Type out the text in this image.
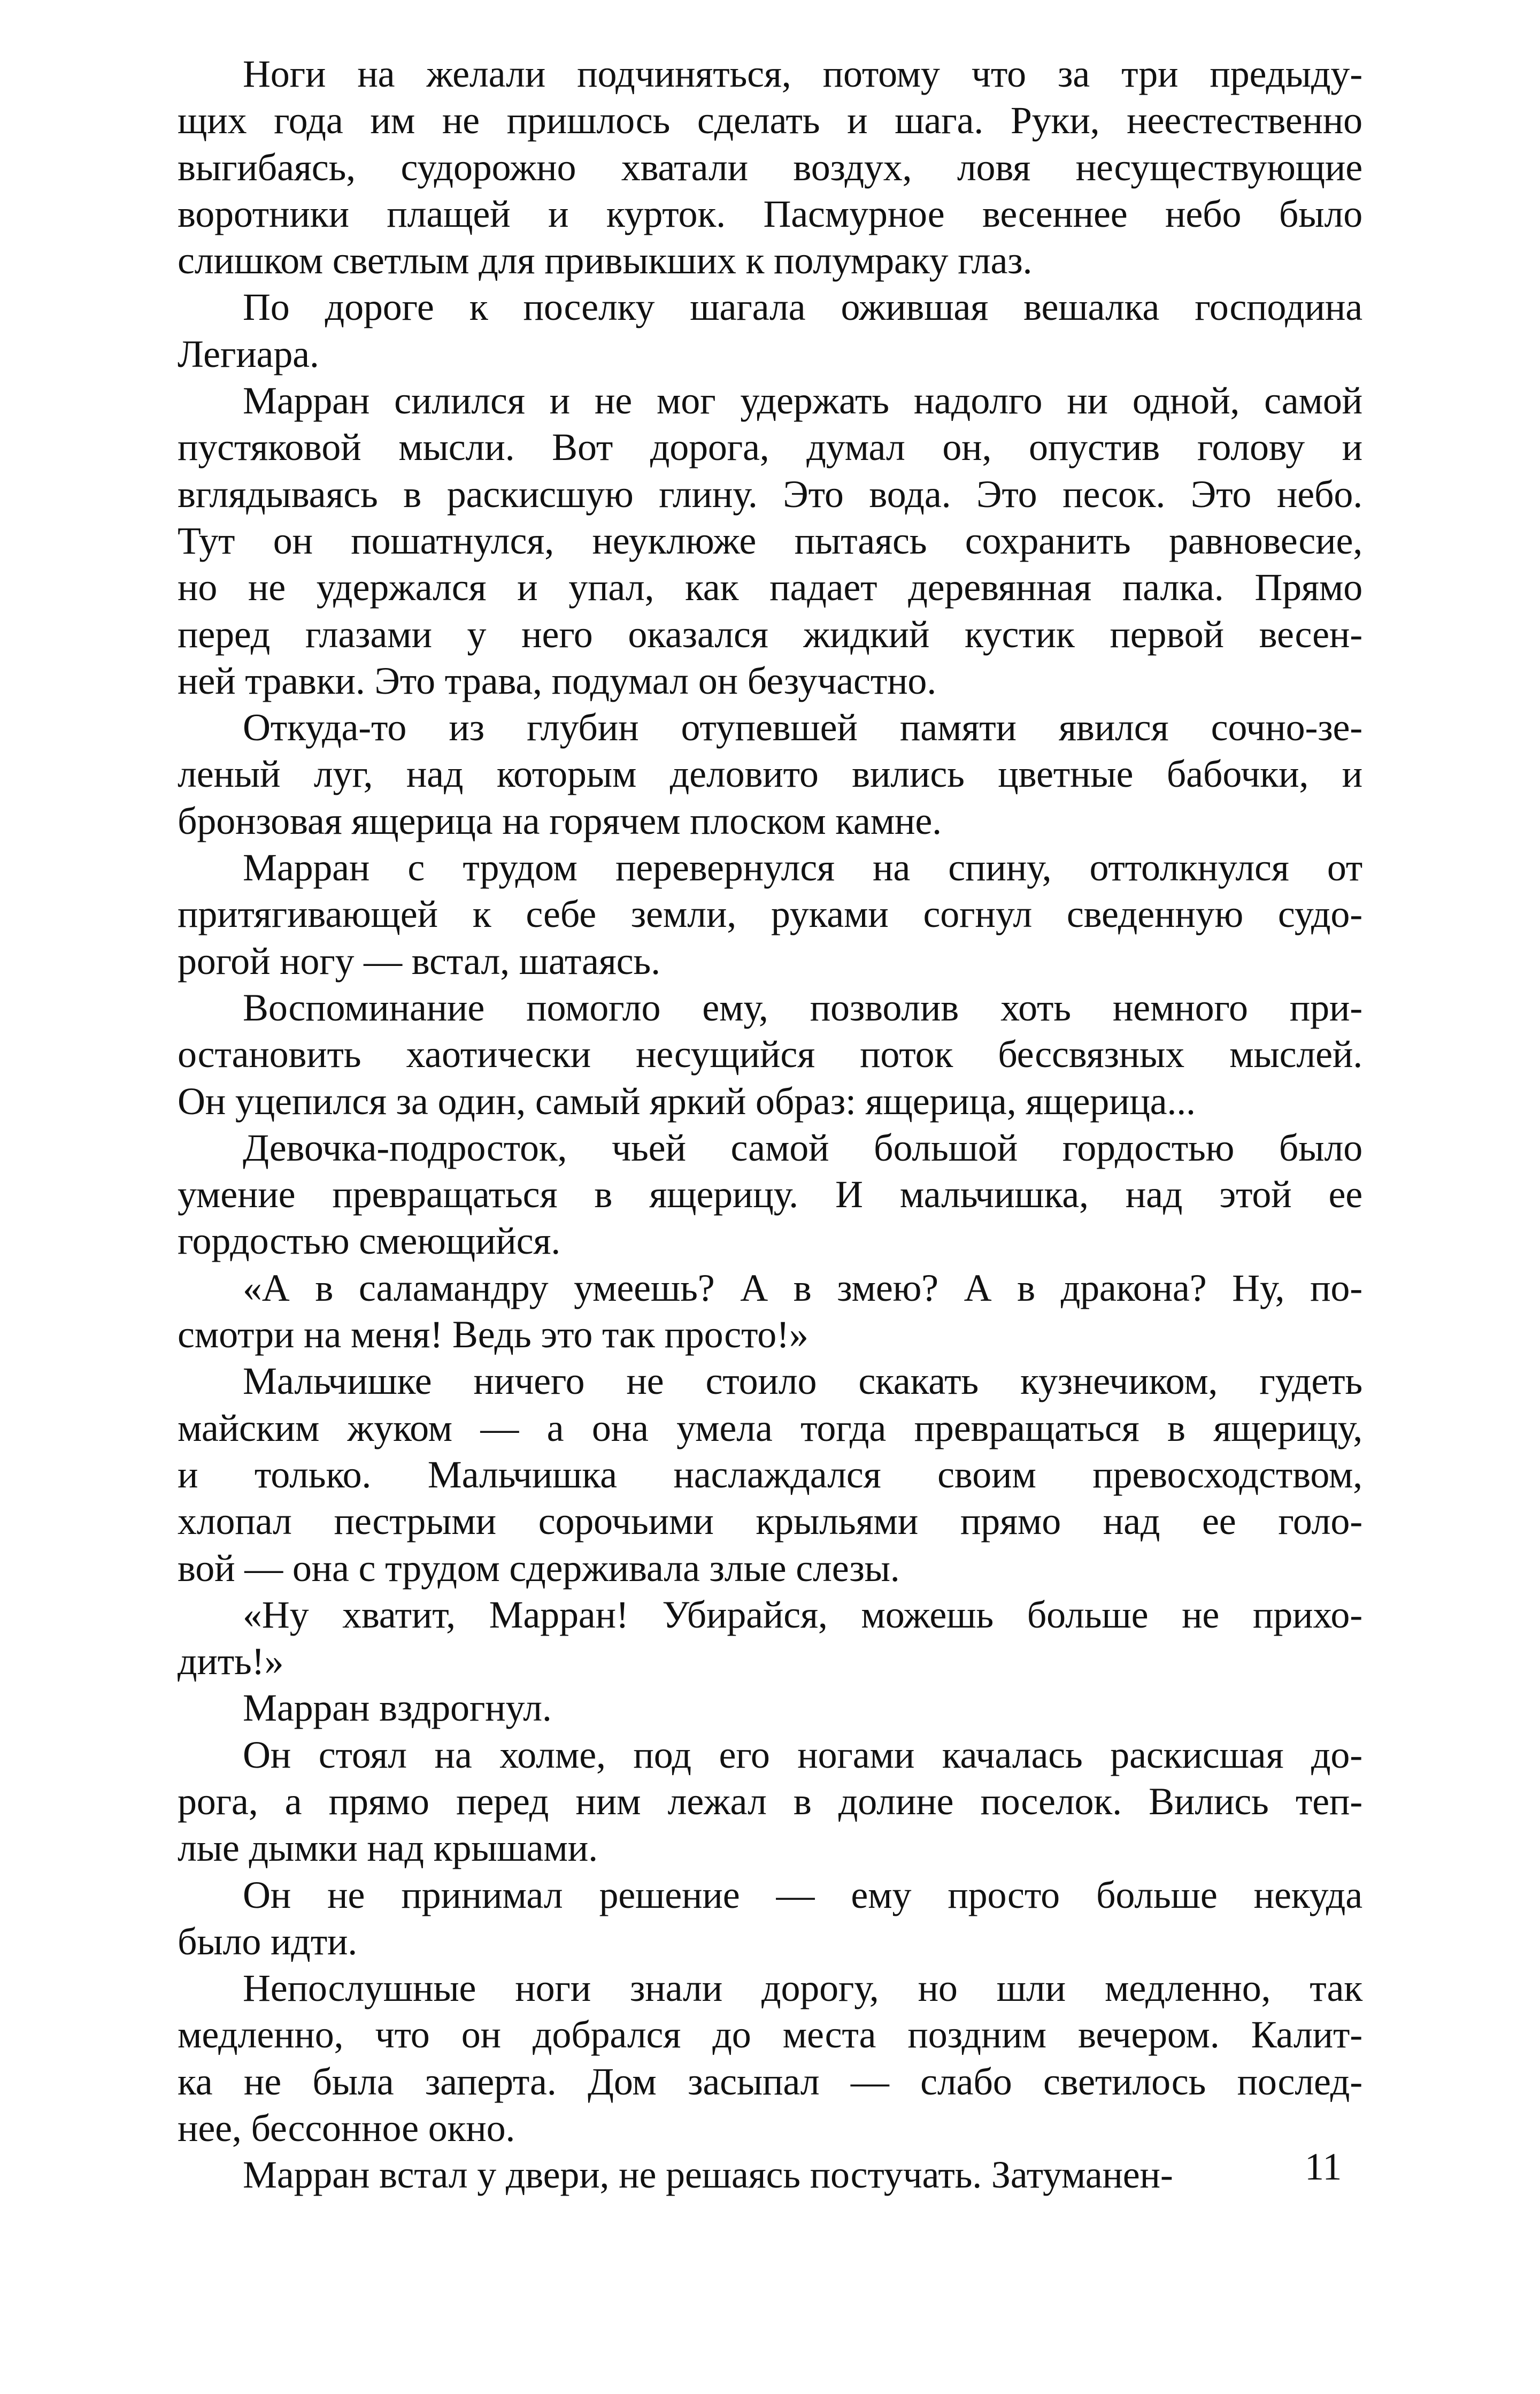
Ноги на желали подчиняться, потому что за три предыду-
щих года им не пришлось сделать и шага. Руки, неестественно
выгибаясь, судорожно хватали воздух, ловя несуществующие
воротники плащей и курток. Пасмурное весеннее небо было
слишком светлым для привыкших к полумраку глаз.

По дороге к поселку шагала ожившая вешалка господина
Легиара.

Марран силился и не мог удержать надолго ни одной, самой
пустяковой мысли. Вот дорога, думал он, опустив голову и
вглядываясь в раскисшую глину. Это вода. Это песок. Это небо.
Тут он пошатнулся, неуклюже пытаясь сохранить равновесие,
но не удержался и упал, как падает деревянная палка. Прямо
перед глазами у него оказался жидкий кустик первой весен-
ней травки. Это трава, подумал он безучастно.

Откуда-то из глубин отупевшей памяти явился сочно-зе-
леный луг, над которым деловито вились цветные бабочки, и
бронзовая ящерица на горячем плоском камне.

Марран с трудом перевернулся на спину, оттолкнулся от
притягивающей к себе земли, руками согнул сведенную судо-
рогой ногу — встал, шатаясь.

Воспоминание помогло ему, позволив хоть немного при-
остановить хаотически несущийся поток бессвязных мыслей.
Он уцепился за один, самый яркий образ: ящерица, ящерица...

Девочка-подросток, чьей самой большой гордостью было
умение превращаться в ящерицу. И мальчишка, над этой ее
гордостью смеющийся.

«А в саламандру умеешь? А в змею? А в дракона? Ну, по-
смотри на меня! Ведь это так просто!»

Мальчишке ничего не стоило скакать кузнечиком, гудеть
майским жуком — а она умела тогда превращаться в ящерицу,
и только. Мальчишка наслаждался своим превосходством,
хлопал пестрыми сорочьими крыльями прямо над ее голо-
вой — она с трудом сдерживала злые слезы.

«Ну хватит, Марран! Убирайся, можешь больше не прихо-
дить!»

Марран вздрогнул.

Он стоял на холме, под его ногами качалась раскисшая до-
рога, а прямо перед ним лежал в долине поселок. Вились теп-
лые дымки над крышами.

Он не принимал решение — ему просто больше некуда
было идти.

Непослушные ноги знали дорогу, но шли медленно, так
медленно, что он добрался до места поздним вечером. Калит-
ка не была заперта. Дом засыпал — слабо светилось послед-
нее, бессонное окно.

Марран встал у двери, не решаясь постучать. Затуманен-	11
